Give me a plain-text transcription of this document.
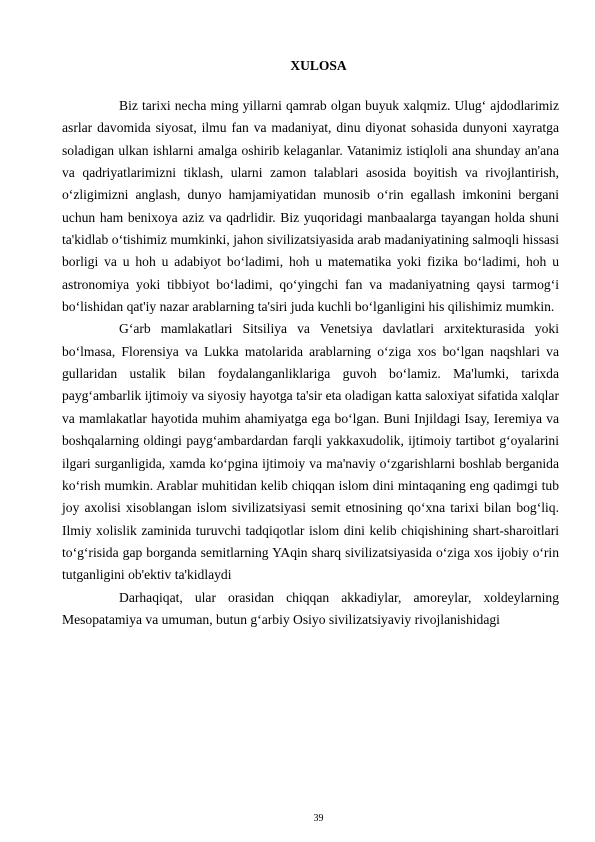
XULOSA

Biz tarixi necha ming yillarni qamrab olgan buyuk xalqmiz. Ulug‘ ajdodlarimiz asrlar davomida siyosat, ilmu fan va madaniyat, dinu diyonat sohasida dunyoni xayratga soladigan ulkan ishlarni amalga oshirib kelaganlar. Vatanimiz istiqloli ana shunday an'ana va qadriyatlarimizni tiklash, ularni zamon talablari asosida boyitish va rivojlantirish, o‘zligimizni anglash, dunyo hamjamiyatidan munosib o‘rin egallash imkonini bergani uchun ham benixoya aziz va qadrlidir. Biz yuqoridagi manbaalarga tayangan holda shuni ta'kidlab o‘tishimiz mumkinki, jahon sivilizatsiyasida arab madaniyatining salmoqli hissasi borligi va u hoh u adabiyot bo‘ladimi, hoh u matematika yoki fizika bo‘ladimi, hoh u astronomiya yoki tibbiyot bo‘ladimi, qo‘yingchi fan va madaniyatning qaysi tarmog‘i bo‘lishidan qat'iy nazar arablarning ta'siri juda kuchli bo‘lganligini his qilishimiz mumkin.

G‘arb mamlakatlari Sitsiliya va Venetsiya davlatlari arxitekturasida yoki bo‘lmasa, Florensiya va Lukka matolarida arablarning o‘ziga xos bo‘lgan naqshlari va gullaridan ustalik bilan foydalanganliklariga guvoh bo‘lamiz. Ma'lumki, tarixda payg‘ambarlik ijtimoiy va siyosiy hayotga ta'sir eta oladigan katta saloxiyat sifatida xalqlar va mamlakatlar hayotida muhim ahamiyatga ega bo‘lgan. Buni Injildagi Isay, Ieremiya va boshqalarning oldingi payg‘ambardardan farqli yakkaxudolik, ijtimoiy tartibot g‘oyalarini ilgari surganligida, xamda ko‘pgina ijtimoiy va ma'naviy o‘zgarishlarni boshlab berganida ko‘rish mumkin. Arablar muhitidan kelib chiqqan islom dini mintaqaning eng qadimgi tub joy axolisi xisoblangan islom sivilizatsiyasi semit etnosining qo‘xna tarixi bilan bog‘liq. Ilmiy xolislik zaminida turuvchi tadqiqotlar islom dini kelib chiqishining shart-sharoitlari to‘g‘risida gap borganda semitlarning YAqin sharq sivilizatsiyasida o‘ziga xos ijobiy o‘rin tutganligini ob'ektiv ta'kidlaydi

Darhaqiqat, ular orasidan chiqqan akkadiylar, amoreylar, xoldeylarning Mesopatamiya va umuman, butun g‘arbiy Osiyo sivilizatsiyaviy rivojlanishidagi

39
